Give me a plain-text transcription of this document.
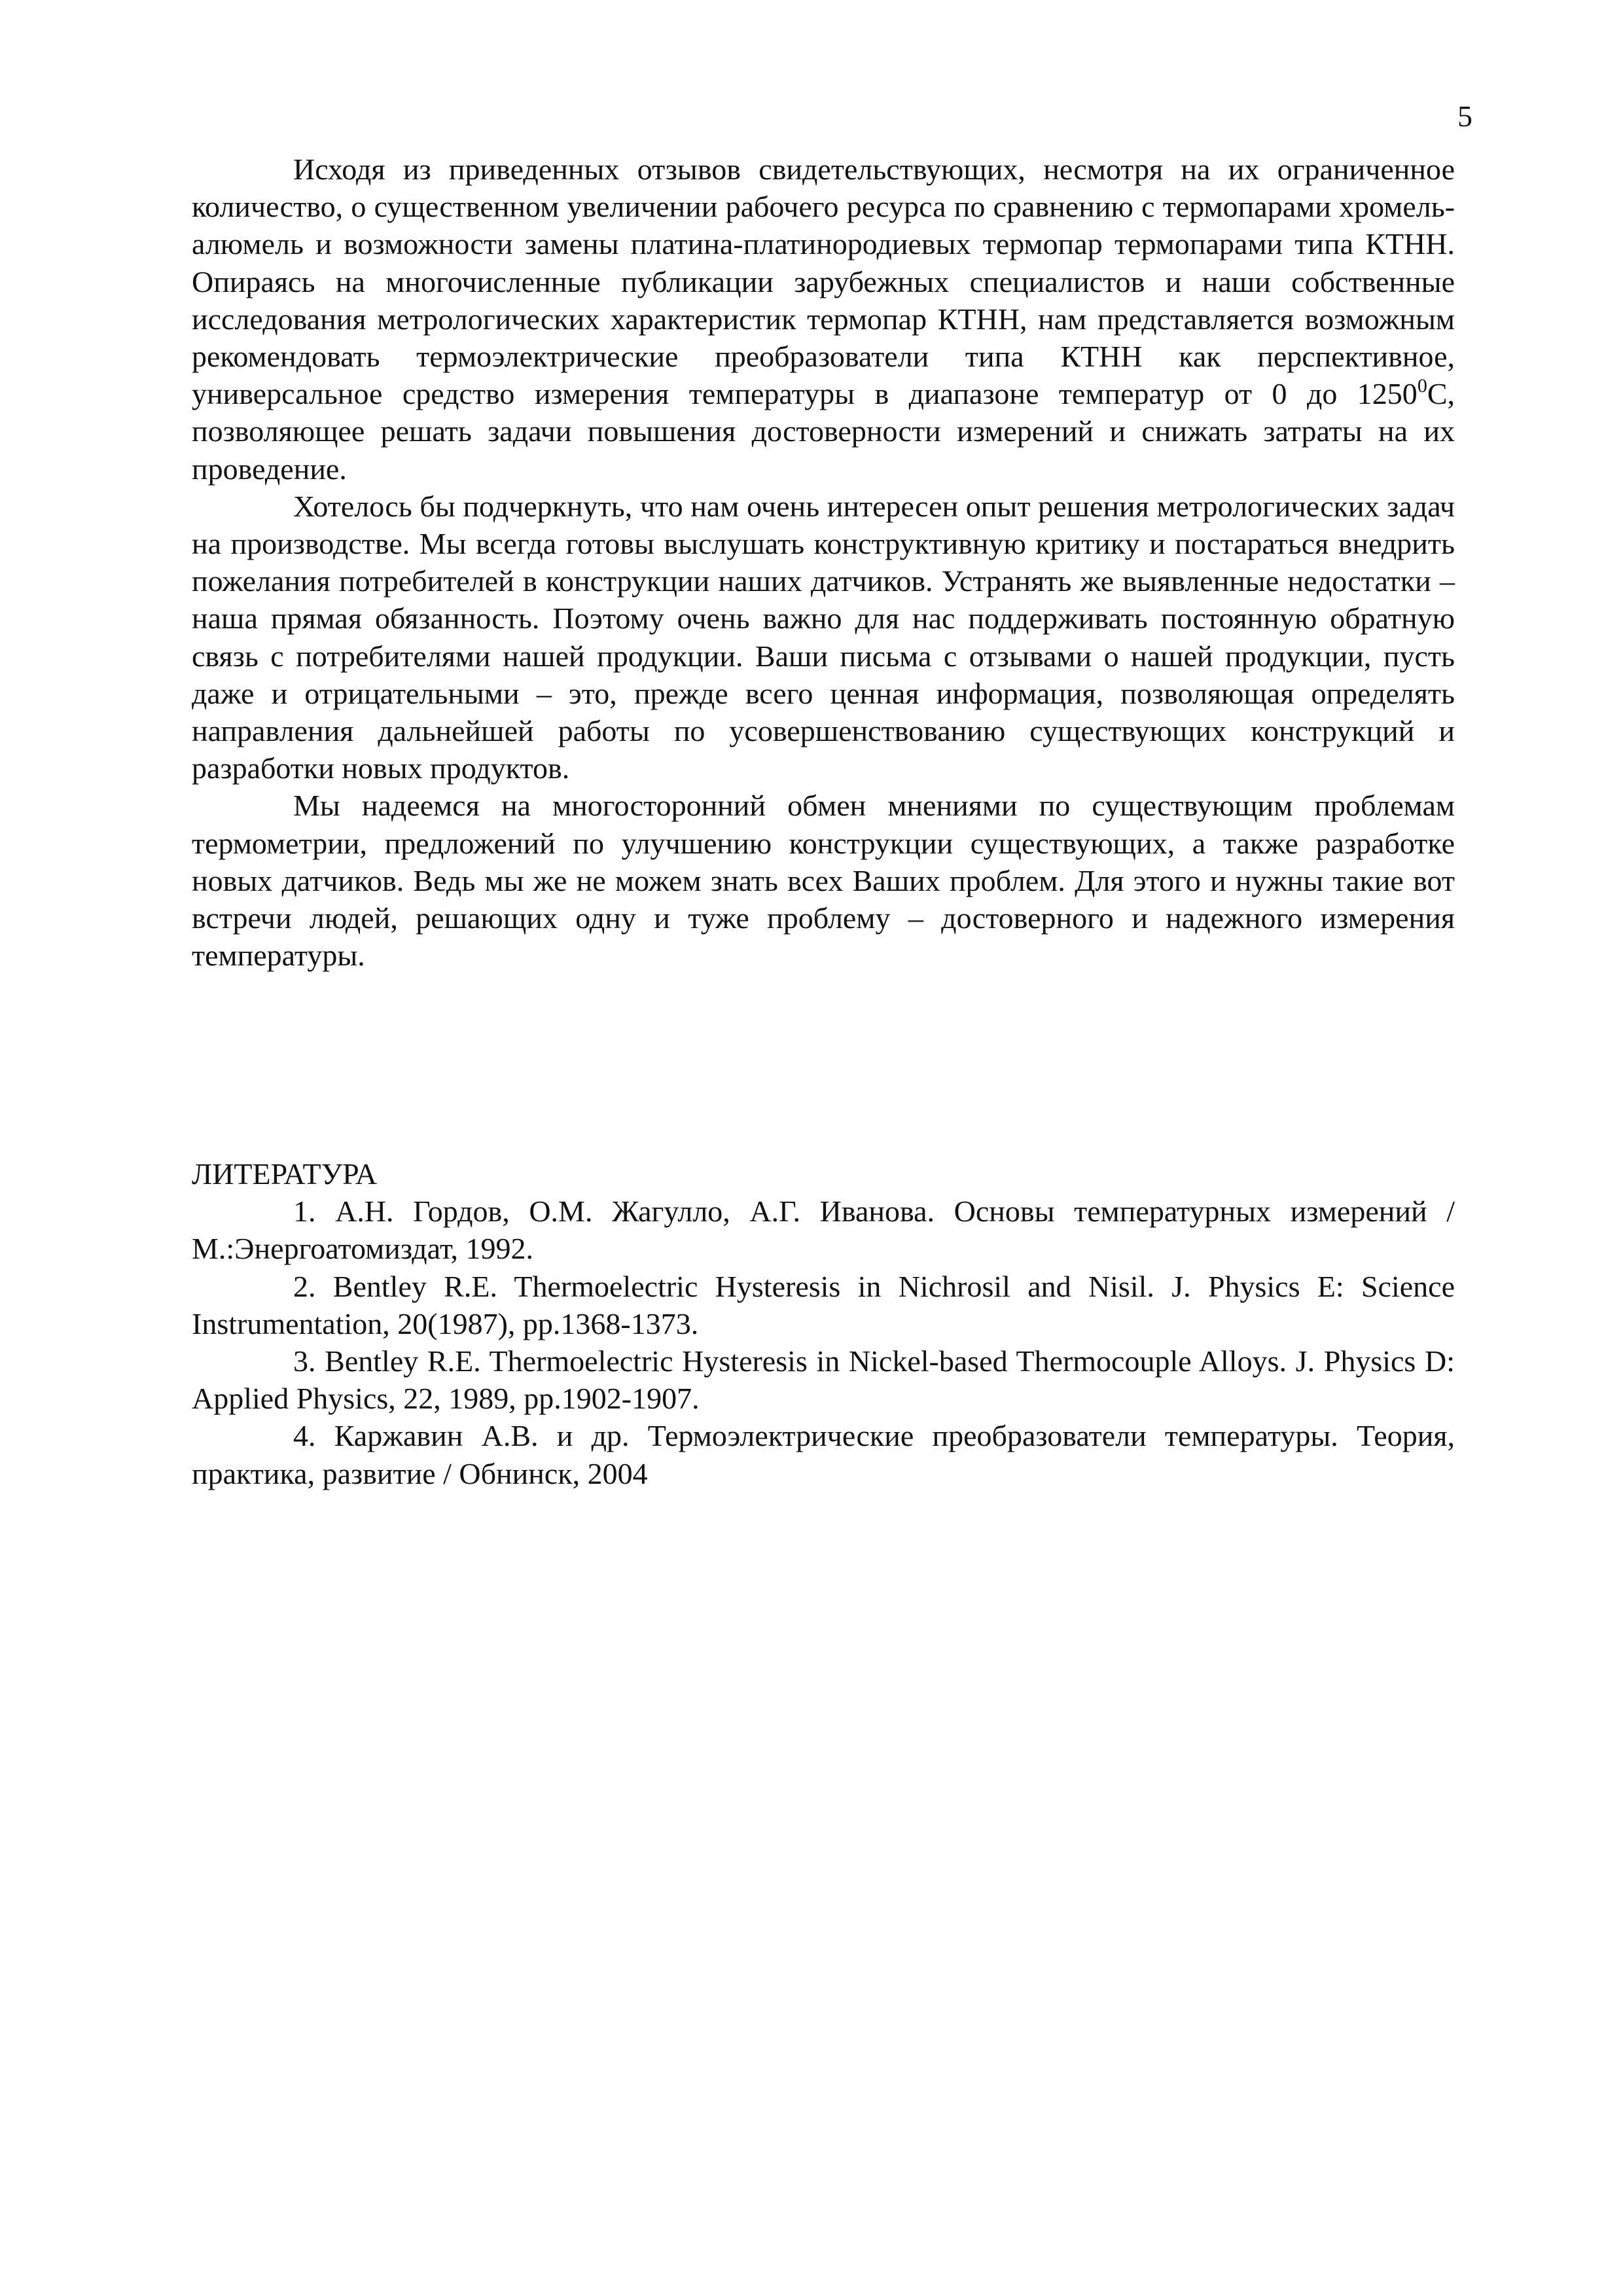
5

Исходя из приведенных отзывов свидетельствующих, несмотря на их ограниченное количество, о существенном увеличении рабочего ресурса по сравнению с термопарами хромель- алюмель и возможности замены платина-платинородиевых термопар термопарами типа КТНН. Опираясь на многочисленные публикации зарубежных специалистов и наши собственные исследования метрологических характеристик термопар КТНН, нам представляется возможным рекомендовать термоэлектрические преобразователи типа КТНН как перспективное, универсальное средство измерения температуры в диапазоне температур от 0 до 1250$^0$С, позволяющее решать задачи повышения достоверности измерений и снижать затраты на их проведение.

Хотелось бы подчеркнуть, что нам очень интересен опыт решения метрологических задач на производстве. Мы всегда готовы выслушать конструктивную критику и постараться внедрить пожелания потребителей в конструкции наших датчиков. Устранять же выявленные недостатки – наша прямая обязанность. Поэтому очень важно для нас поддерживать постоянную обратную связь с потребителями нашей продукции. Ваши письма с отзывами о нашей продукции, пусть даже и отрицательными – это, прежде всего ценная информация, позволяющая определять направления дальнейшей работы по усовершенствованию существующих конструкций и разработки новых продуктов.

Мы надеемся на многосторонний обмен мнениями по существующим проблемам термометрии, предложений по улучшению конструкции существующих, а также разработке новых датчиков. Ведь мы же не можем знать всех Ваших проблем. Для этого и нужны такие вот встречи людей, решающих одну и туже проблему – достоверного и надежного измерения температуры.

ЛИТЕРАТУРА

1. А.Н. Гордов, О.М. Жагулло, А.Г. Иванова. Основы температурных измерений / М.:Энергоатомиздат, 1992.

2. Bentley R.E. Thermoelectric Hysteresis in Nichrosil and Nisil. J. Physics E: Science Instrumentation, 20(1987), pp.1368-1373.

3. Bentley R.E. Thermoelectric Hysteresis in Nickel-based Thermocouple Alloys. J. Physics D: Applied Physics, 22, 1989, pp.1902-1907.

4. Каржавин А.В. и др. Термоэлектрические преобразователи температуры. Теория, практика, развитие / Обнинск, 2004
